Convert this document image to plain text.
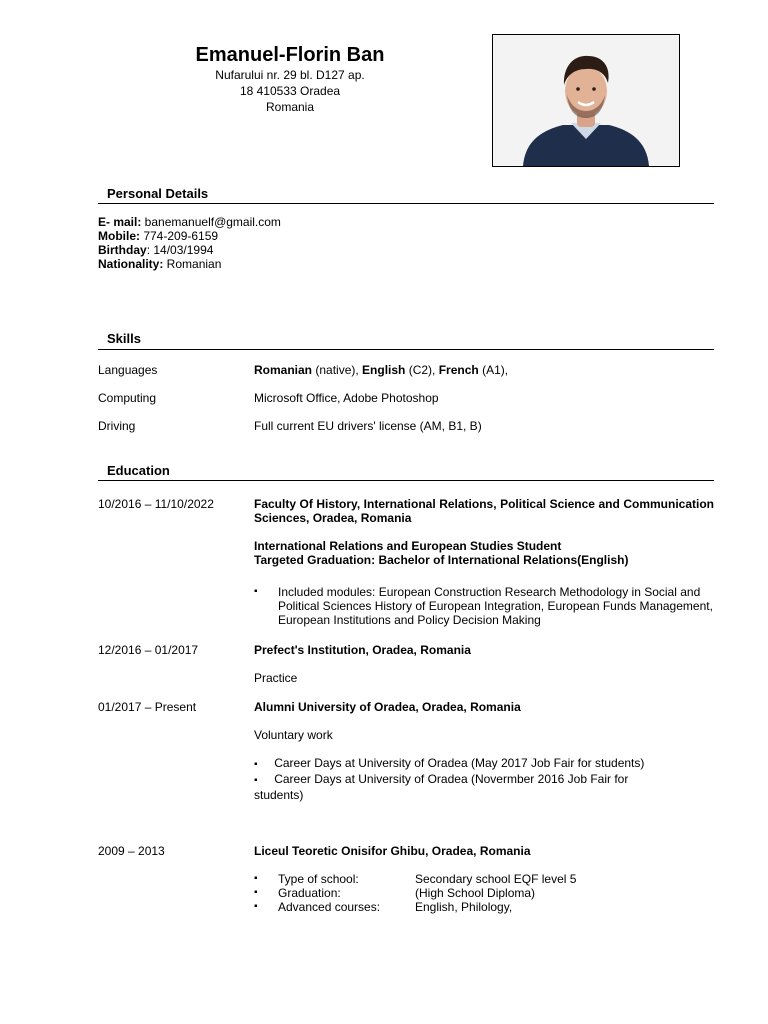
Emanuel-Florin Ban
Nufarului nr. 29 bl. D127 ap.
18 410533 Oradea
Romania
Personal Details
E- mail: banemanuelf@gmail.com
Mobile: 774-209-6159
Birthday: 14/03/1994
Nationality: Romanian
Skills
Languages	Romanian (native), English (C2), French (A1),
Computing	Microsoft Office, Adobe Photoshop
Driving	Full current EU drivers' license (AM, B1, B)
Education
10/2016 – 11/10/2022	Faculty Of History, International Relations, Political Science and Communication Sciences, Oradea, Romania
International Relations and European Studies Student
Targeted Graduation: Bachelor of International Relations(English)
▪ Included modules: European Construction Research Methodology in Social and Political Sciences History of European Integration, European Funds Management, European Institutions and Policy Decision Making
12/2016 – 01/2017	Prefect's Institution, Oradea, Romania
Practice
01/2017 – Present	Alumni University of Oradea, Oradea, Romania
Voluntary work
▪ Career Days at University of Oradea (May 2017 Job Fair for students)
▪ Career Days at University of Oradea (Novermber 2016 Job Fair for students)
2009 – 2013	Liceul Teoretic Onisifor Ghibu, Oradea, Romania
▪ Type of school:	Secondary school EQF level 5
▪ Graduation:	(High School Diploma)
▪ Advanced courses:	English, Philology,
